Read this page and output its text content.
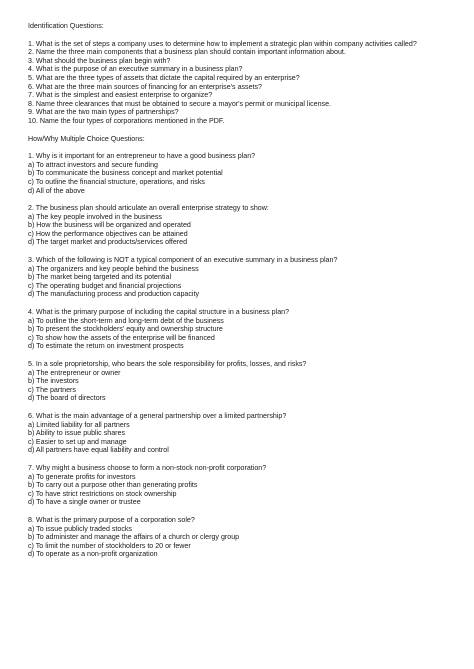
Identification Questions:
1. What is the set of steps a company uses to determine how to implement a strategic plan within company activities called?
2. Name the three main components that a business plan should contain important information about.
3. What should the business plan begin with?
4. What is the purpose of an executive summary in a business plan?
5. What are the three types of assets that dictate the capital required by an enterprise?
6. What are the three main sources of financing for an enterprise's assets?
7. What is the simplest and easiest enterprise to organize?
8. Name three clearances that must be obtained to secure a mayor's permit or municipal license.
9. What are the two main types of partnerships?
10. Name the four types of corporations mentioned in the PDF.
How/Why Multiple Choice Questions:
1. Why is it important for an entrepreneur to have a good business plan?
a) To attract investors and secure funding
b) To communicate the business concept and market potential
c) To outline the financial structure, operations, and risks
d) All of the above
2. The business plan should articulate an overall enterprise strategy to show:
a) The key people involved in the business
b) How the business will be organized and operated
c) How the performance objectives can be attained
d) The target market and products/services offered
3. Which of the following is NOT a typical component of an executive summary in a business plan?
a) The organizers and key people behind the business
b) The market being targeted and its potential
c) The operating budget and financial projections
d) The manufacturing process and production capacity
4. What is the primary purpose of including the capital structure in a business plan?
a) To outline the short-term and long-term debt of the business
b) To present the stockholders' equity and ownership structure
c) To show how the assets of the enterprise will be financed
d) To estimate the return on investment prospects
5. In a sole proprietorship, who bears the sole responsibility for profits, losses, and risks?
a) The entrepreneur or owner
b) The investors
c) The partners
d) The board of directors
6. What is the main advantage of a general partnership over a limited partnership?
a) Limited liability for all partners
b) Ability to issue public shares
c) Easier to set up and manage
d) All partners have equal liability and control
7. Why might a business choose to form a non-stock non-profit corporation?
a) To generate profits for investors
b) To carry out a purpose other than generating profits
c) To have strict restrictions on stock ownership
d) To have a single owner or trustee
8. What is the primary purpose of a corporation sole?
a) To issue publicly traded stocks
b) To administer and manage the affairs of a church or clergy group
c) To limit the number of stockholders to 20 or fewer
d) To operate as a non-profit organization
